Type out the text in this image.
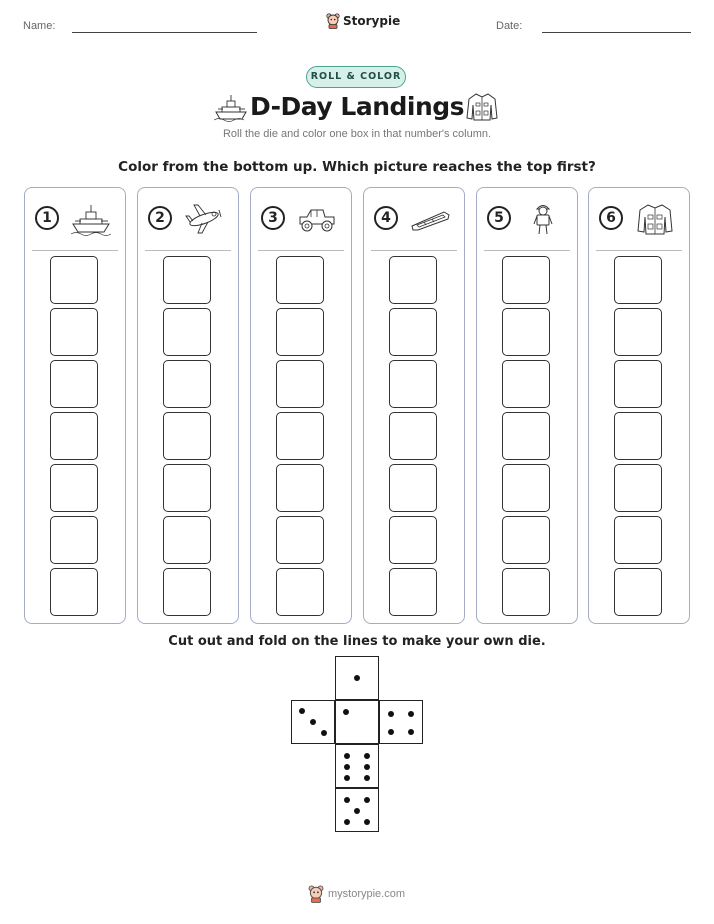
Name:	Storypie	Date:
ROLL & COLOR
D-Day Landings
Roll the die and color one box in that number's column.
Color from the bottom up. Which picture reaches the top first?
1	2	3	4	5	6
Cut out and fold on the lines to make your own die.
mystorypie.com
